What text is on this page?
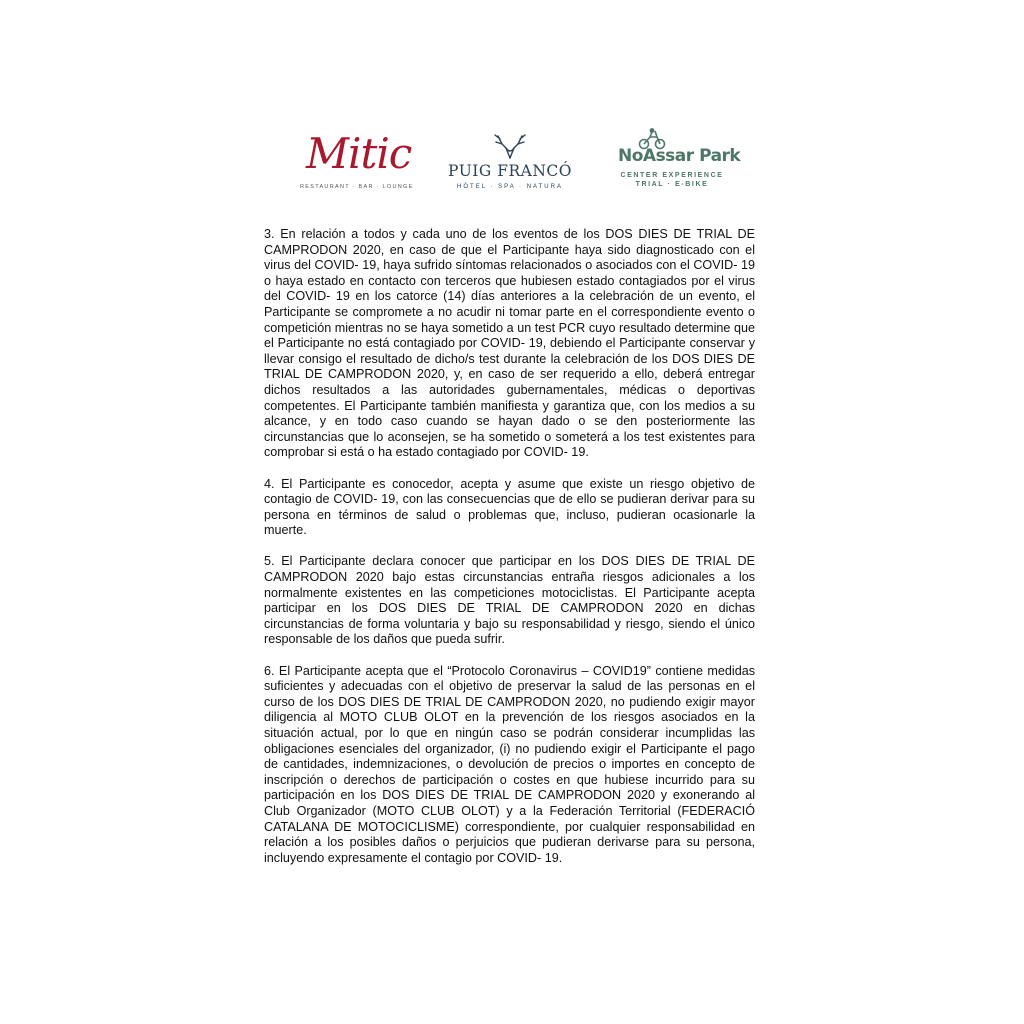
Mitic
RESTAURANT · BAR · LOUNGE
PUIG FRANCÓ
HÒTEL · SPA · NATURA
NoAssar Park
CENTER EXPERIENCE
TRIAL · E-BIKE

3. En relación a todos y cada uno de los eventos de los DOS DIES DE TRIAL DE CAMPRODON 2020, en caso de que el Participante haya sido diagnosticado con el virus del COVID- 19, haya sufrido síntomas relacionados o asociados con el COVID- 19 o haya estado en contacto con terceros que hubiesen estado contagiados por el virus del COVID- 19 en los catorce (14) días anteriores a la celebración de un evento, el Participante se compromete a no acudir ni tomar parte en el correspondiente evento o competición mientras no se haya sometido a un test PCR cuyo resultado determine que el Participante no está contagiado por COVID- 19, debiendo el Participante conservar y llevar consigo el resultado de dicho/s test durante la celebración de los DOS DIES DE TRIAL DE CAMPRODON 2020, y, en caso de ser requerido a ello, deberá entregar dichos resultados a las autoridades gubernamentales, médicas o deportivas competentes. El Participante también manifiesta y garantiza que, con los medios a su alcance, y en todo caso cuando se hayan dado o se den posteriormente las circunstancias que lo aconsejen, se ha sometido o someterá a los test existentes para comprobar si está o ha estado contagiado por COVID- 19.

4. El Participante es conocedor, acepta y asume que existe un riesgo objetivo de contagio de COVID- 19, con las consecuencias que de ello se pudieran derivar para su persona en términos de salud o problemas que, incluso, pudieran ocasionarle la muerte.

5. El Participante declara conocer que participar en los DOS DIES DE TRIAL DE CAMPRODON 2020 bajo estas circunstancias entraña riesgos adicionales a los normalmente existentes en las competiciones motociclistas. El Participante acepta participar en los DOS DIES DE TRIAL DE CAMPRODON 2020 en dichas circunstancias de forma voluntaria y bajo su responsabilidad y riesgo, siendo el único responsable de los daños que pueda sufrir.

6. El Participante acepta que el “Protocolo Coronavirus – COVID19” contiene medidas suficientes y adecuadas con el objetivo de preservar la salud de las personas en el curso de los DOS DIES DE TRIAL DE CAMPRODON 2020, no pudiendo exigir mayor diligencia al MOTO CLUB OLOT en la prevención de los riesgos asociados en la situación actual, por lo que en ningún caso se podrán considerar incumplidas las obligaciones esenciales del organizador, (i) no pudiendo exigir el Participante el pago de cantidades, indemnizaciones, o devolución de precios o importes en concepto de inscripción o derechos de participación o costes en que hubiese incurrido para su participación en los DOS DIES DE TRIAL DE CAMPRODON 2020 y exonerando al Club Organizador (MOTO CLUB OLOT) y a la Federación Territorial (FEDERACIÓ CATALANA DE MOTOCICLISME) correspondiente, por cualquier responsabilidad en relación a los posibles daños o perjuicios que pudieran derivarse para su persona, incluyendo expresamente el contagio por COVID- 19.
